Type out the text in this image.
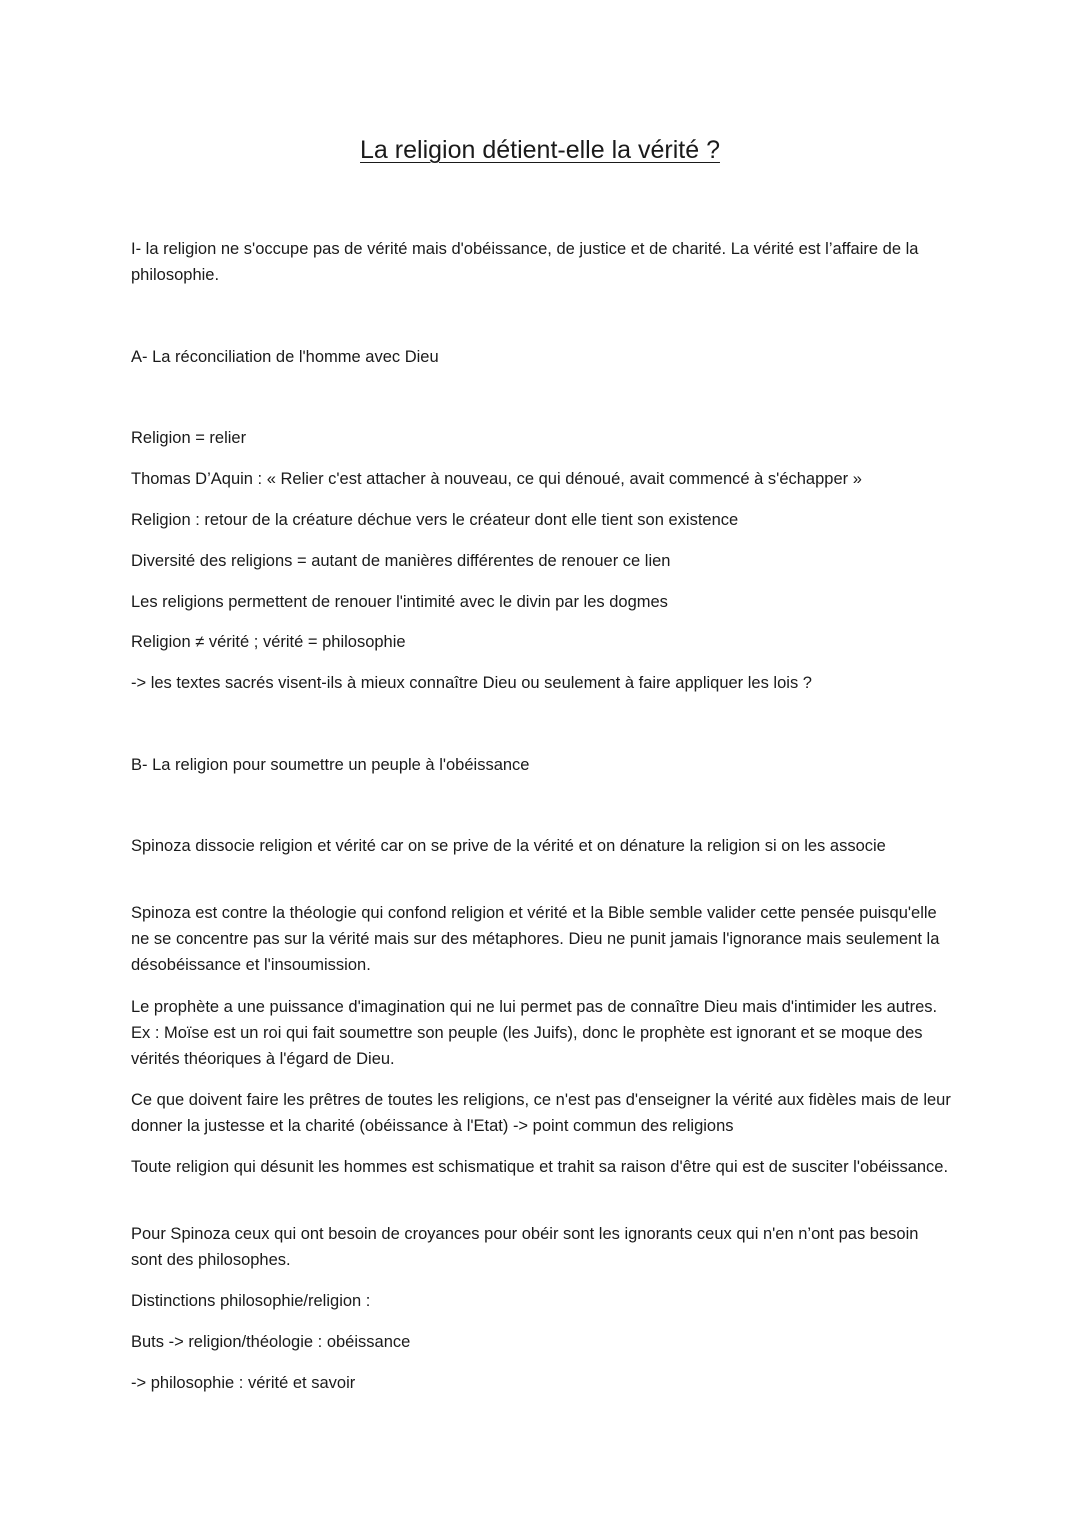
La religion détient-elle la vérité ?
I- la religion ne s'occupe pas de vérité mais d'obéissance, de justice et de charité. La vérité est l’affaire de la philosophie.
A- La réconciliation de l'homme avec Dieu
Religion = relier
Thomas D’Aquin : « Relier c'est attacher à nouveau, ce qui dénoué, avait commencé à s'échapper »
Religion : retour de la créature déchue vers le créateur dont elle tient son existence
Diversité des religions = autant de manières différentes de renouer ce lien
Les religions permettent de renouer l'intimité avec le divin par les dogmes
Religion ≠ vérité ; vérité = philosophie
-> les textes sacrés visent-ils à mieux connaître Dieu ou seulement à faire appliquer les lois ?
B- La religion pour soumettre un peuple à l'obéissance
Spinoza dissocie religion et vérité car on se prive de la vérité et on dénature la religion si on les associe
Spinoza est contre la théologie qui confond religion et vérité et la Bible semble valider cette pensée puisqu'elle ne se concentre pas sur la vérité mais sur des métaphores. Dieu ne punit jamais l'ignorance mais seulement la désobéissance et l'insoumission.
Le prophète a une puissance d'imagination qui ne lui permet pas de connaître Dieu mais d'intimider les autres. Ex : Moïse est un roi qui fait soumettre son peuple (les Juifs), donc le prophète est ignorant et se moque des vérités théoriques à l'égard de Dieu.
Ce que doivent faire les prêtres de toutes les religions, ce n'est pas d'enseigner la vérité aux fidèles mais de leur donner la justesse et la charité (obéissance à l'Etat) -> point commun des religions
Toute religion qui désunit les hommes est schismatique et trahit sa raison d'être qui est de susciter l'obéissance.
Pour Spinoza ceux qui ont besoin de croyances pour obéir sont les ignorants ceux qui n'en n’ont pas besoin sont des philosophes.
Distinctions philosophie/religion :
Buts -> religion/théologie : obéissance
-> philosophie : vérité et savoir
